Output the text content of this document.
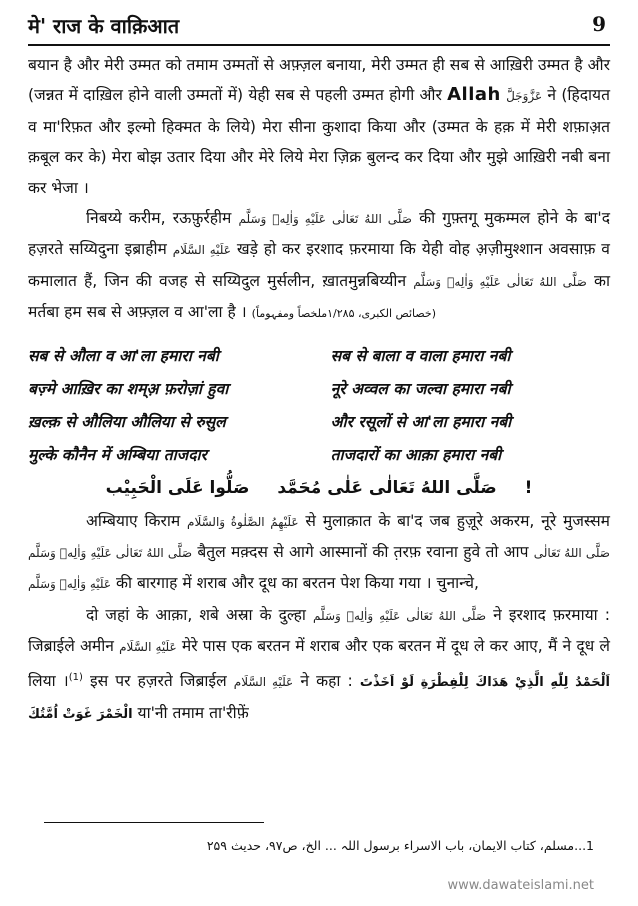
मे' राज के वाक़िआत	9

बयान है और मेरी उम्मत को तमाम उम्मतों से अफ़्ज़ल बनाया, मेरी उम्मत ही सब से आख़िरी उम्मत है और (जन्नत में दाख़िल होने वाली उम्मतों में) येही सब से पहली उम्मत होगी और Allah عَزَّوَجَلَّ ने (हिदायत व मा'रिफ़त और इल्मो हिक्मत के लिये) मेरा सीना कुशादा किया और (उम्मत के हक़ में मेरी शफ़ाअ़त क़बूल कर के) मेरा बोझ उतार दिया और मेरे लिये मेरा ज़िक्र बुलन्द कर दिया और मुझे आख़िरी नबी बना कर भेजा ।

निबय्ये करीम, रऊफ़ुर्रहीम صَلَّى اللهُ تَعَالٰى عَلَيْهِ وَاٰلِهٖ وَسَلَّم की गुफ़्तगू मुकम्मल होने के बा'द हज़रते सय्यिदुना इब्राहीम عَلَيْهِ السَّلَام खड़े हो कर इरशाद फ़रमाया कि येही वोह अ़ज़ीमुश्शान अवसाफ़ व कमालात हैं, जिन की वजह से सय्यिदुल मुर्सलीन, ख़ातमुन्नबिय्यीन صَلَّى اللهُ تَعَالٰى عَلَيْهِ وَاٰلِهٖ وَسَلَّم का मर्तबा हम सब से अफ़्ज़ल व आ'ला है । (خصائص الکبری، ۱/۲۸۵ملخصاً ومفہوماً)

सब से औला व आ'ला हमारा नबी	सब से बाला व वाला हमारा नबी
बज़्मे आख़िर का शम्अ़ फ़रोज़ां हुवा	नूरे अव्वल का जल्वा हमारा नबी
ख़ल्क़ से औलिया औलिया से रुसुल	और रसूलों से आ'ला हमारा नबी
मुल्के कौनैन में अम्बिया ताजदार	ताजदारों का आक़ा हमारा नबी
صَلَّى اللهُ تَعَالٰى عَلٰى مُحَمَّد صَلُّوا عَلَى الْحَبِيْب !

अम्बियाए किराम عَلَيْهِمُ الصَّلٰوةُ وَالسَّلَام से मुलाक़ात के बा'द जब हुज़ूरे अकरम, नूरे मुजस्सम صَلَّى اللهُ تَعَالٰى عَلَيْهِ وَاٰلِهٖ وَسَلَّم बैतुल मक़्दस से आगे आस्मानों की त़रफ़ रवाना हुवे तो आप صَلَّى اللهُ تَعَالٰى عَلَيْهِ وَاٰلِهٖ وَسَلَّم की बारगाह में शराब और दूध का बरतन पेश किया गया । चुनान्चे,

दो जहां के आक़ा, शबे अस्रा के दुल्हा صَلَّى اللهُ تَعَالٰى عَلَيْهِ وَاٰلِهٖ وَسَلَّم ने इरशाद फ़रमाया : जिब्राईले अमीन عَلَيْهِ السَّلَام मेरे पास एक बरतन में शराब और एक बरतन में दूध ले कर आए, मैं ने दूध ले लिया ।$^{(1)}$ इस पर हज़रते जिब्राईल عَلَيْهِ السَّلَام ने कहा : اَلْحَمْدُ لِلّٰهِ الَّذِيْ هَدَاكَ لِلْفِطْرَةِ لَوْ اَخَذْتَ الْخَمْرَ غَوَتْ اُمَّتُكَ या'नी तमाम ता'रीफ़ें

1...مسلم، کتاب الایمان، باب الاسراء برسول اللہ ... الخ، ص۹۷، حدیث ۲۵۹
www.dawateislami.net
